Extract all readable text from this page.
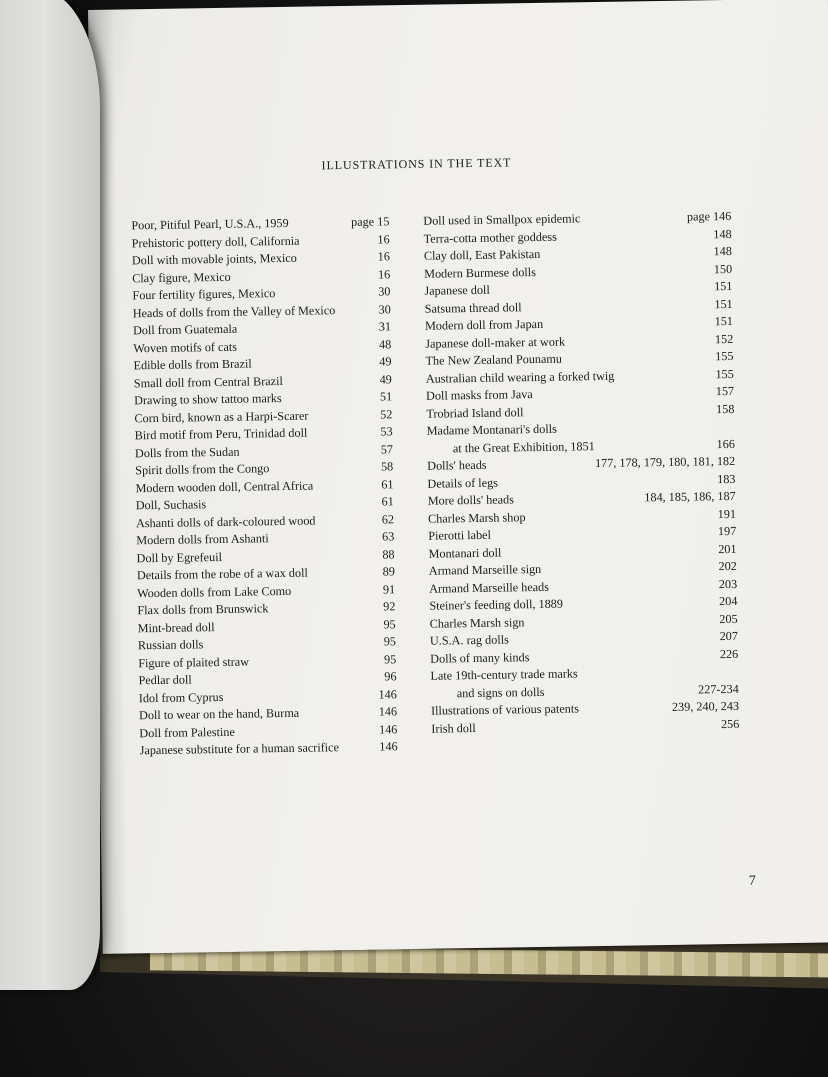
ILLUSTRATIONS IN THE TEXT
Poor, Pitiful Pearl, U.S.A., 1959	page 15
Prehistoric pottery doll, California	16
Doll with movable joints, Mexico	16
Clay figure, Mexico	16
Four fertility figures, Mexico	30
Heads of dolls from the Valley of Mexico	30
Doll from Guatemala	31
Woven motifs of cats	48
Edible dolls from Brazil	49
Small doll from Central Brazil	49
Drawing to show tattoo marks	51
Corn bird, known as a Harpi-Scarer	52
Bird motif from Peru, Trinidad doll	53
Dolls from the Sudan	57
Spirit dolls from the Congo	58
Modern wooden doll, Central Africa	61
Doll, Suchasis	61
Ashanti dolls of dark-coloured wood	62
Modern dolls from Ashanti	63
Doll by Egrefeuil	88
Details from the robe of a wax doll	89
Wooden dolls from Lake Como	91
Flax dolls from Brunswick	92
Mint-bread doll	95
Russian dolls	95
Figure of plaited straw	95
Pedlar doll	96
Idol from Cyprus	146
Doll to wear on the hand, Burma	146
Doll from Palestine	146
Japanese substitute for a human sacrifice	146
Doll used in Smallpox epidemic	page 146
Terra-cotta mother goddess	148
Clay doll, East Pakistan	148
Modern Burmese dolls	150
Japanese doll	151
Satsuma thread doll	151
Modern doll from Japan	151
Japanese doll-maker at work	152
The New Zealand Pounamu	155
Australian child wearing a forked twig	155
Doll masks from Java	157
Trobriad Island doll	158
Madame Montanari's dolls
at the Great Exhibition, 1851	166
Dolls' heads	177, 178, 179, 180, 181, 182
Details of legs	183
More dolls' heads	184, 185, 186, 187
Charles Marsh shop	191
Pierotti label	197
Montanari doll	201
Armand Marseille sign	202
Armand Marseille heads	203
Steiner's feeding doll, 1889	204
Charles Marsh sign	205
U.S.A. rag dolls	207
Dolls of many kinds	226
Late 19th-century trade marks
and signs on dolls	227-234
Illustrations of various patents	239, 240, 243
Irish doll	256
7
